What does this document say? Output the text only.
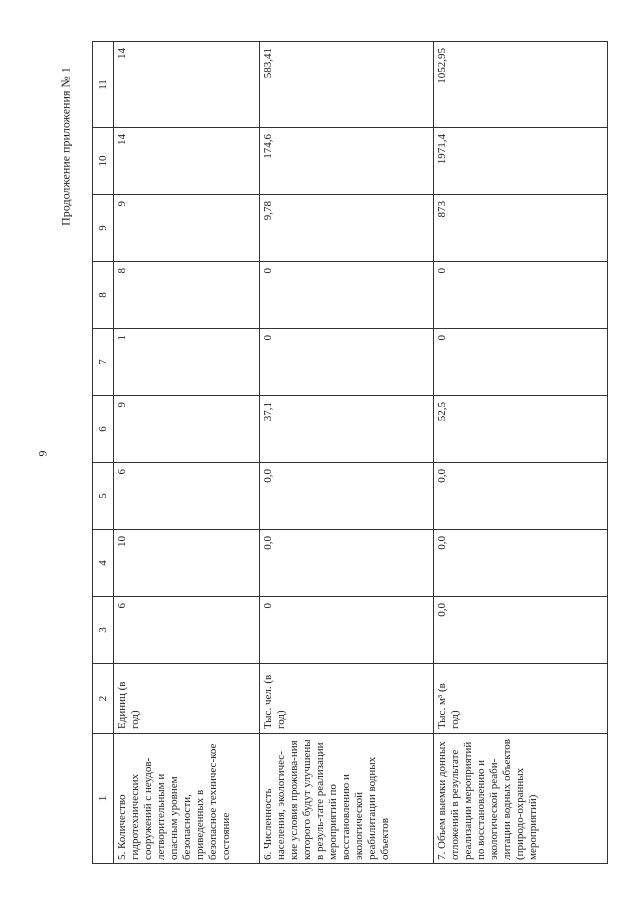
9
Продолжение приложения № 1
1	2	3	4	5	6	7	8	9	10	11
5. Количество гидротехнических сооружений с неудов-летворительным и опасным уровнем безопасности, приведенных в безопасное техничес-кое состояние	Единиц (в год)	6	10	6	9	1	8	9	14	14
6. Численность населения, экологичес-кие условия прожива-ния которого будут улучшены в резуль-тате реализации мероприятий по восстановлению и экологической реабилитации водных объектов	Тыс. чел. (в год)	0	0,0	0,0	37,1	0	0	9,78	174,6	583,41
7. Объем выемки донных отложений в результате реализации мероприятий по восстановлению и экологической реаби-литации водных объектов (природо-охранных мероприятий)	Тыс. м³ (в год)	0,0	0,0	0,0	52,5	0	0	873	1971,4	1052,95
